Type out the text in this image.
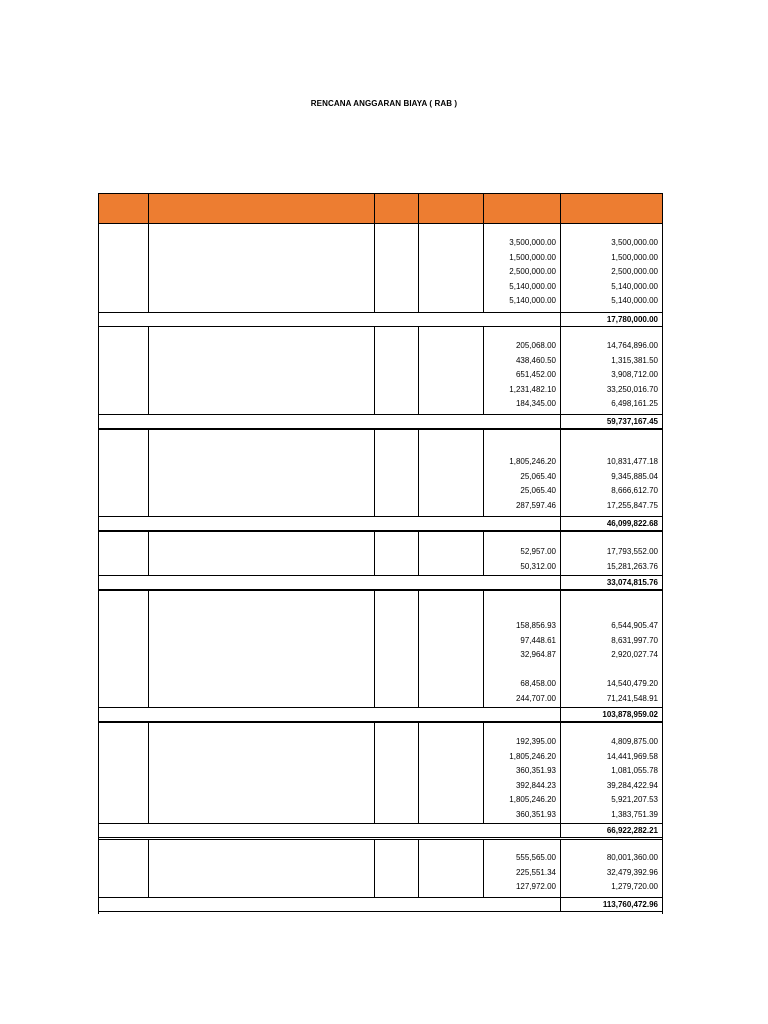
RENCANA ANGGARAN BIAYA ( RAB )
3,500,000.00	3,500,000.00
1,500,000.00	1,500,000.00
2,500,000.00	2,500,000.00
5,140,000.00	5,140,000.00
5,140,000.00	5,140,000.00
17,780,000.00
205,068.00	14,764,896.00
438,460.50	1,315,381.50
651,452.00	3,908,712.00
1,231,482.10	33,250,016.70
184,345.00	6,498,161.25
59,737,167.45
1,805,246.20	10,831,477.18
25,065.40	9,345,885.04
25,065.40	8,666,612.70
287,597.46	17,255,847.75
46,099,822.68
52,957.00	17,793,552.00
50,312.00	15,281,263.76
33,074,815.76
158,856.93	6,544,905.47
97,448.61	8,631,997.70
32,964.87	2,920,027.74
68,458.00	14,540,479.20
244,707.00	71,241,548.91
103,878,959.02
192,395.00	4,809,875.00
1,805,246.20	14,441,969.58
360,351.93	1,081,055.78
392,844.23	39,284,422.94
1,805,246.20	5,921,207.53
360,351.93	1,383,751.39
66,922,282.21
555,565.00	80,001,360.00
225,551.34	32,479,392.96
127,972.00	1,279,720.00
113,760,472.96
